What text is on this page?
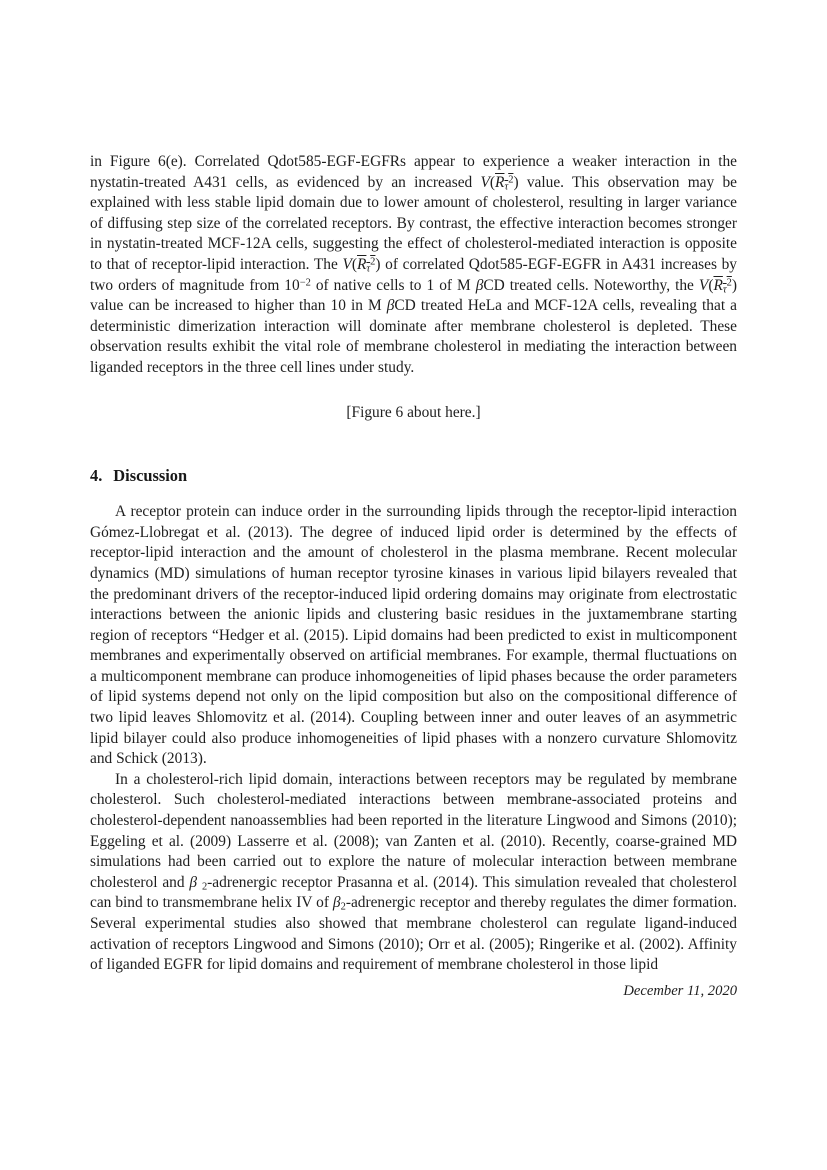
in Figure 6(e). Correlated Qdot585-EGF-EGFRs appear to experience a weaker interaction in the nystatin-treated A431 cells, as evidenced by an increased $V(R_\tau^2)$ value. This observation may be explained with less stable lipid domain due to lower amount of cholesterol, resulting in larger variance of diffusing step size of the correlated receptors. By contrast, the effective interaction becomes stronger in nystatin-treated MCF-12A cells, suggesting the effect of cholesterol-mediated interaction is opposite to that of receptor-lipid interaction. The $V(R_\tau^2)$ of correlated Qdot585-EGF-EGFR in A431 increases by two orders of magnitude from $10^{-2}$ of native cells to 1 of M βCD treated cells. Noteworthy, the $V(R_\tau^2)$ value can be increased to higher than 10 in M βCD treated HeLa and MCF-12A cells, revealing that a deterministic dimerization interaction will dominate after membrane cholesterol is depleted. These observation results exhibit the vital role of membrane cholesterol in mediating the interaction between liganded receptors in the three cell lines under study.

[Figure 6 about here.]

4. Discussion

A receptor protein can induce order in the surrounding lipids through the receptor-lipid interaction Gómez-Llobregat et al. (2013). The degree of induced lipid order is determined by the effects of receptor-lipid interaction and the amount of cholesterol in the plasma membrane. Recent molecular dynamics (MD) simulations of human receptor tyrosine kinases in various lipid bilayers revealed that the predominant drivers of the receptor-induced lipid ordering domains may originate from electrostatic interactions between the anionic lipids and clustering basic residues in the juxtamembrane starting region of receptors “Hedger et al. (2015). Lipid domains had been predicted to exist in multicomponent membranes and experimentally observed on artificial membranes. For example, thermal fluctuations on a multicomponent membrane can produce inhomogeneities of lipid phases because the order parameters of lipid systems depend not only on the lipid composition but also on the compositional difference of two lipid leaves Shlomovitz et al. (2014). Coupling between inner and outer leaves of an asymmetric lipid bilayer could also produce inhomogeneities of lipid phases with a nonzero curvature Shlomovitz and Schick (2013).

In a cholesterol-rich lipid domain, interactions between receptors may be regulated by membrane cholesterol. Such cholesterol-mediated interactions between membrane-associated proteins and cholesterol-dependent nanoassemblies had been reported in the literature Lingwood and Simons (2010); Eggeling et al. (2009) Lasserre et al. (2008); van Zanten et al. (2010). Recently, coarse-grained MD simulations had been carried out to explore the nature of molecular interaction between membrane cholesterol and β $_2$-adrenergic receptor Prasanna et al. (2014). This simulation revealed that cholesterol can bind to transmembrane helix IV of $\beta_2$-adrenergic receptor and thereby regulates the dimer formation. Several experimental studies also showed that membrane cholesterol can regulate ligand-induced activation of receptors Lingwood and Simons (2010); Orr et al. (2005); Ringerike et al. (2002). Affinity of liganded EGFR for lipid domains and requirement of membrane cholesterol in those lipid

December 11, 2020
